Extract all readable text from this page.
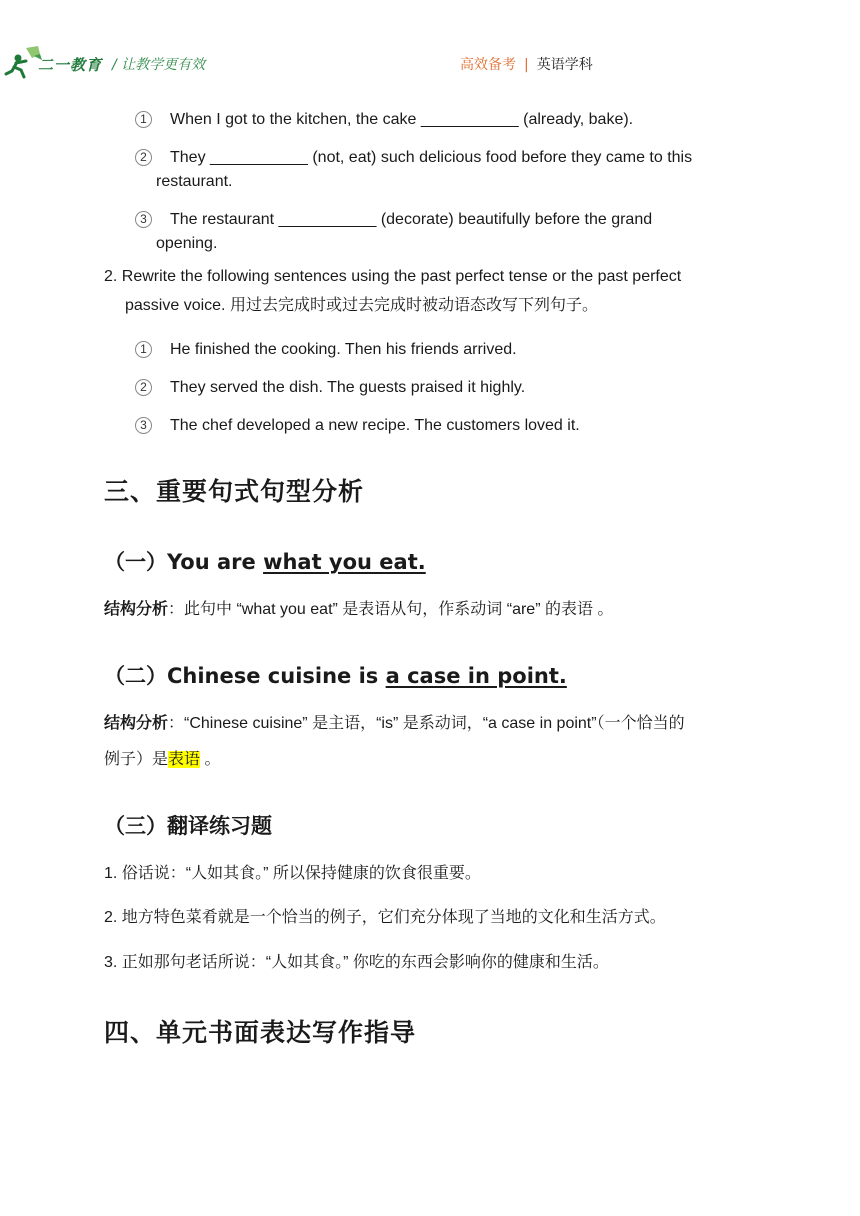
二一教育 / 让教学更有效	高效备考 | 英语学科
1	When I got to the kitchen, the cake ___________ (already, bake).
2	They ___________ (not, eat) such delicious food before they came to this
restaurant.
3	The restaurant ___________ (decorate) beautifully before the grand
opening.
2. Rewrite the following sentences using the past perfect tense or the past perfect
passive voice. 用过去完成时或过去完成时被动语态改写下列句子。
1	He finished the cooking. Then his friends arrived.
2	They served the dish. The guests praised it highly.
3	The chef developed a new recipe. The customers loved it.
三、重要句式句型分析
（一）You are what you eat.
结构分析：此句中 “what you eat” 是表语从句，作系动词 “are” 的表语 。
（二）Chinese cuisine is a case in point.
结构分析：“Chinese cuisine” 是主语，“is” 是系动词，“a case in point”（一个恰当的
例子）是表语 。
（三）翻译练习题
1. 俗话说：“人如其食。” 所以保持健康的饮食很重要。
2. 地方特色菜肴就是一个恰当的例子，它们充分体现了当地的文化和生活方式。
3. 正如那句老话所说：“人如其食。” 你吃的东西会影响你的健康和生活。
四、单元书面表达写作指导
